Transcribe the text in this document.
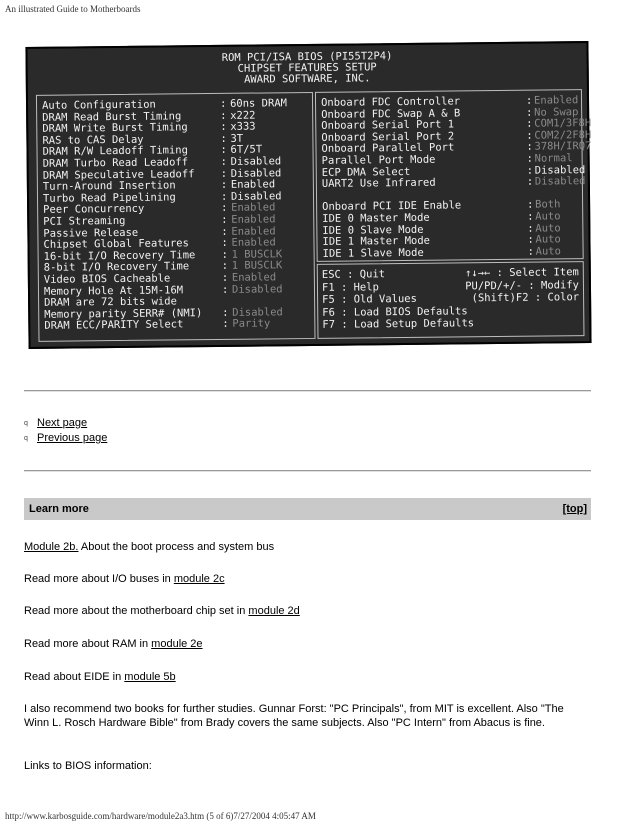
An illustrated Guide to Motherboards
ROM PCI/ISA BIOS (PI55T2P4)
CHIPSET FEATURES SETUP
AWARD SOFTWARE, INC.
Auto Configuration	: 60ns DRAM
DRAM Read Burst Timing	: x222
DRAM Write Burst Timing	: x333
RAS to CAS Delay	: 3T
DRAM R/W Leadoff Timing	: 6T/5T
DRAM Turbo Read Leadoff	: Disabled
DRAM Speculative Leadoff : Disabled
Turn-Around Insertion	: Enabled
Turbo Read Pipelining	: Disabled
Peer Concurrency	: Enabled
PCI Streaming	: Enabled
Passive Release	: Enabled
Chipset Global Features	: Enabled
16-bit I/O Recovery Time : 1 BUSCLK
8-bit I/O Recovery Time	: 1 BUSCLK
Video BIOS Cacheable	: Enabled
Memory Hole At 15M-16M	: Disabled
DRAM are 72 bits wide
Memory parity SERR# (NMI) : Disabled
DRAM ECC/PARITY Select	: Parity
Onboard FDC Controller	: Enabled
Onboard FDC Swap A & B	: No Swap
Onboard Serial Port 1	: COM1/3F8H
Onboard Serial Port 2	: COM2/2F8H
Onboard Parallel Port	: 378H/IRQ7
Parallel Port Mode	: Normal
ECP DMA Select	: Disabled
UART2 Use Infrared	: Disabled
Onboard PCI IDE Enable	: Both
IDE 0 Master Mode	: Auto
IDE 0 Slave Mode	: Auto
IDE 1 Master Mode	: Auto
IDE 1 Slave Mode	: Auto
ESC : Quit	↑↓→← : Select Item
F1 : Help	PU/PD/+/- : Modify
F5 : Old Values	(Shift)F2 : Color
F6 : Load BIOS Defaults
F7 : Load Setup Defaults
q Next page
q Previous page
Learn more	[top]
Module 2b. About the boot process and system bus
Read more about I/O buses in module 2c
Read more about the motherboard chip set in module 2d
Read more about RAM in module 2e
Read about EIDE in module 5b
I also recommend two books for further studies. Gunnar Forst: "PC Principals", from MIT is excellent. Also "The Winn L. Rosch Hardware Bible" from Brady covers the same subjects. Also "PC Intern" from Abacus is fine.
Links to BIOS information:
http://www.karbosguide.com/hardware/module2a3.htm (5 of 6)7/27/2004 4:05:47 AM
